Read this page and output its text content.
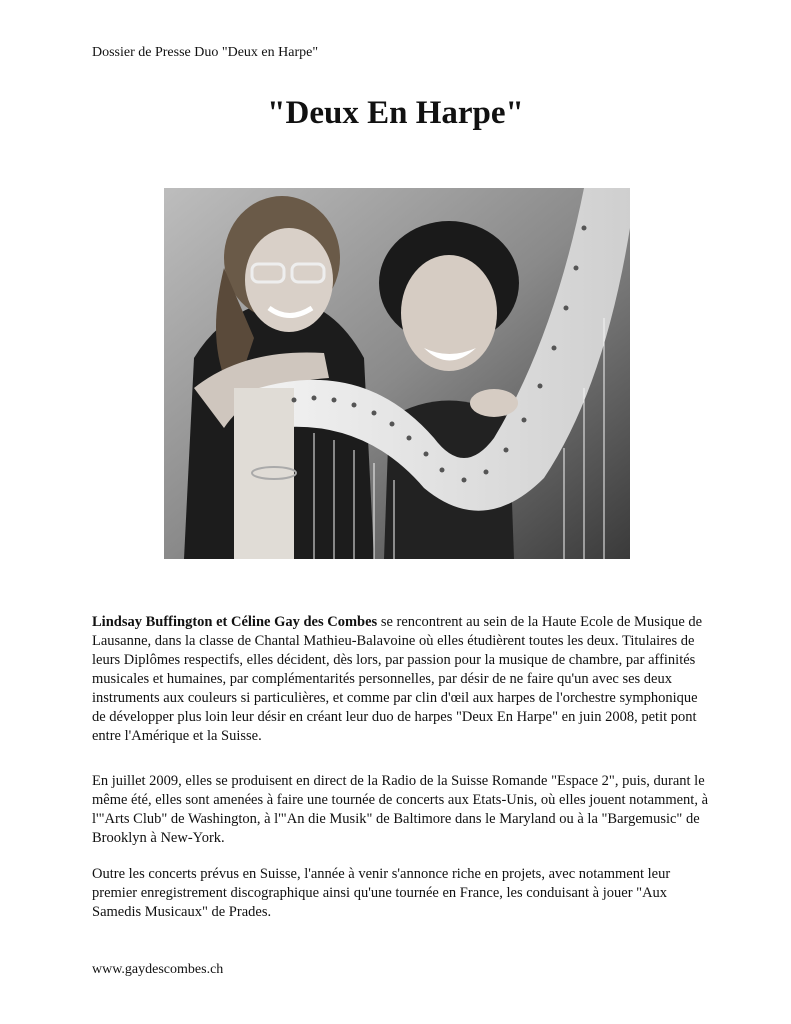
Dossier de Presse Duo "Deux en Harpe"
"Deux En Harpe"

Lindsay Buffington et Céline Gay des Combes se rencontrent au sein de la Haute Ecole de Musique de Lausanne, dans la classe de Chantal Mathieu-Balavoine où elles étudièrent toutes les deux. Titulaires de leurs Diplômes respectifs, elles décident, dès lors, par passion pour la musique de chambre, par affinités musicales et humaines, par complémentarités personnelles, par désir de ne faire qu'un avec ses deux instruments aux couleurs si particulières, et comme par clin d'œil aux harpes de l'orchestre symphonique de développer plus loin leur désir en créant leur duo de harpes "Deux En Harpe" en juin 2008, petit pont entre l'Amérique et la Suisse.

En juillet 2009, elles se produisent en direct de la Radio de la Suisse Romande "Espace 2", puis, durant le même été, elles sont amenées à faire une tournée de concerts aux Etats-Unis, où elles jouent notamment, à l'"Arts Club" de Washington, à l'"An die Musik" de Baltimore dans le Maryland ou à la "Bargemusic" de Brooklyn à New-York.

Outre les concerts prévus en Suisse, l'année à venir s'annonce riche en projets, avec notamment leur premier enregistrement discographique ainsi qu'une tournée en France, les conduisant à jouer "Aux Samedis Musicaux" de Prades.

www.gaydescombes.ch
